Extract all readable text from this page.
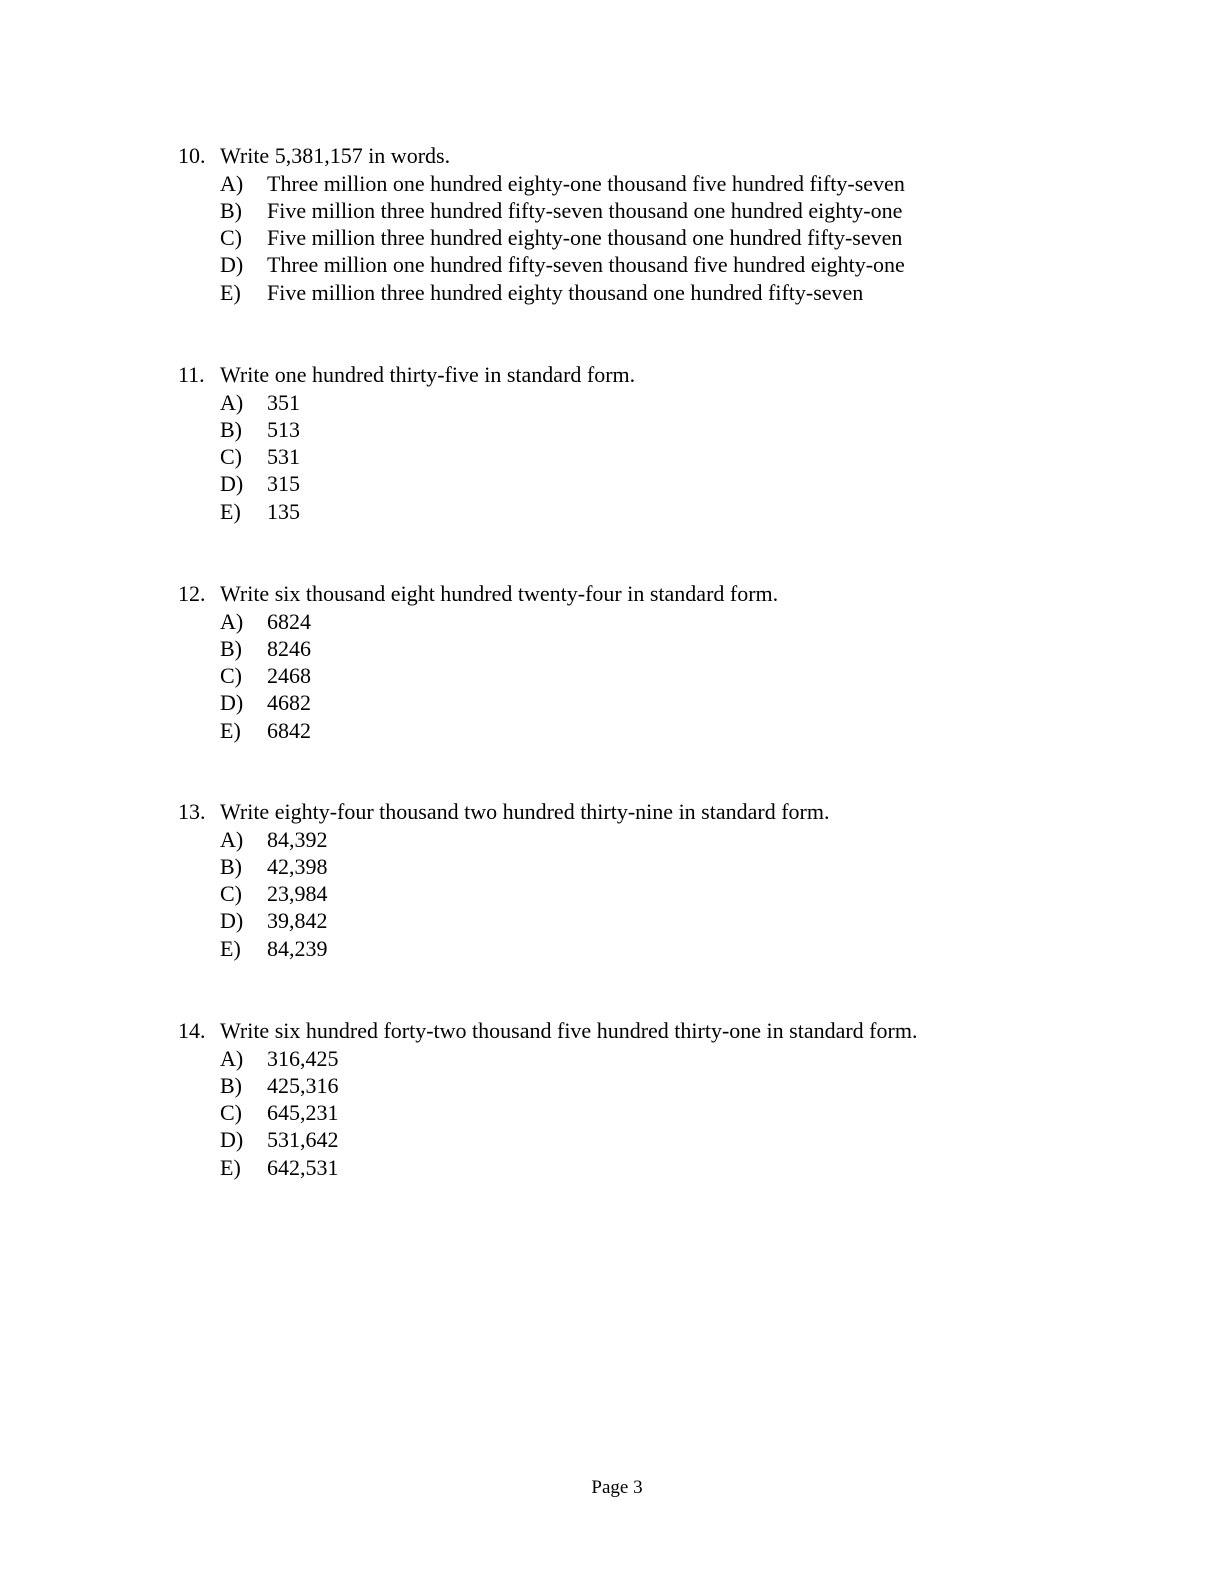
10. Write 5,381,157 in words.
A)	Three million one hundred eighty-one thousand five hundred fifty-seven
B)	Five million three hundred fifty-seven thousand one hundred eighty-one
C)	Five million three hundred eighty-one thousand one hundred fifty-seven
D)	Three million one hundred fifty-seven thousand five hundred eighty-one
E)	Five million three hundred eighty thousand one hundred fifty-seven
11. Write one hundred thirty-five in standard form.
A)	351
B)	513
C)	531
D)	315
E)	135
12. Write six thousand eight hundred twenty-four in standard form.
A)	6824
B)	8246
C)	2468
D)	4682
E)	6842
13. Write eighty-four thousand two hundred thirty-nine in standard form.
A)	84,392
B)	42,398
C)	23,984
D)	39,842
E)	84,239
14. Write six hundred forty-two thousand five hundred thirty-one in standard form.
A)	316,425
B)	425,316
C)	645,231
D)	531,642
E)	642,531
Page 3
